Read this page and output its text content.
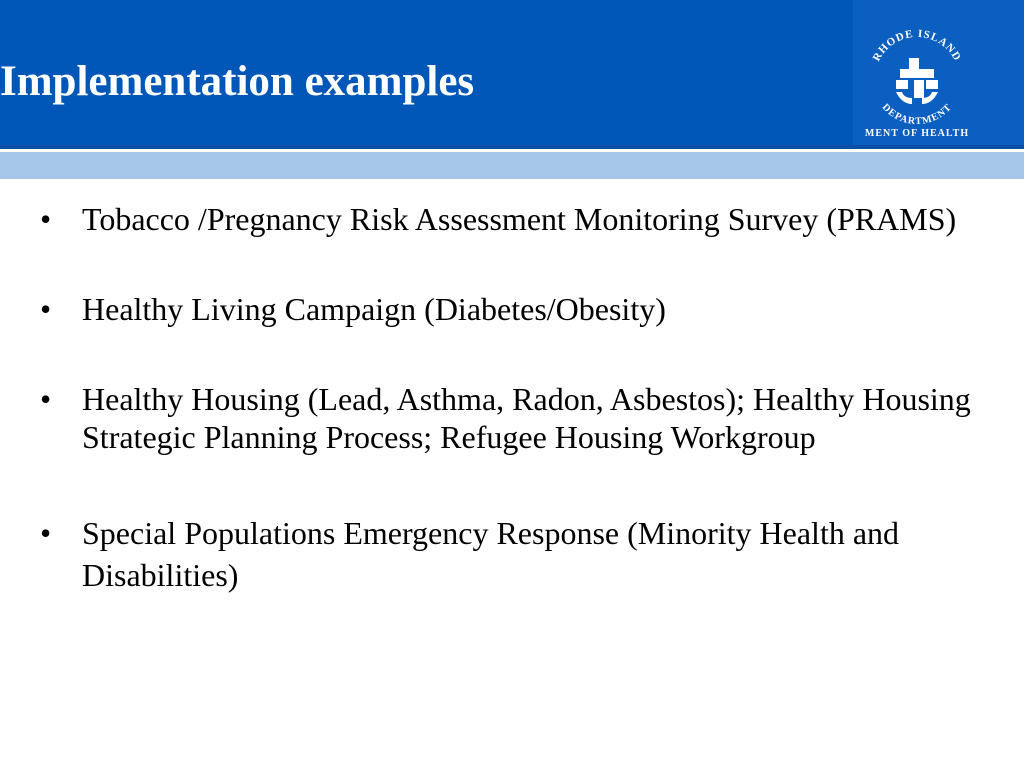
Implementation examples
RHODE ISLAND
DEPARTMENT
MENT OF HEALTH
• Tobacco /Pregnancy Risk Assessment Monitoring Survey (PRAMS)
• Healthy Living Campaign (Diabetes/Obesity)
• Healthy Housing (Lead, Asthma, Radon, Asbestos); Healthy Housing Strategic Planning Process; Refugee Housing Workgroup
• Special Populations Emergency Response (Minority Health and Disabilities)
